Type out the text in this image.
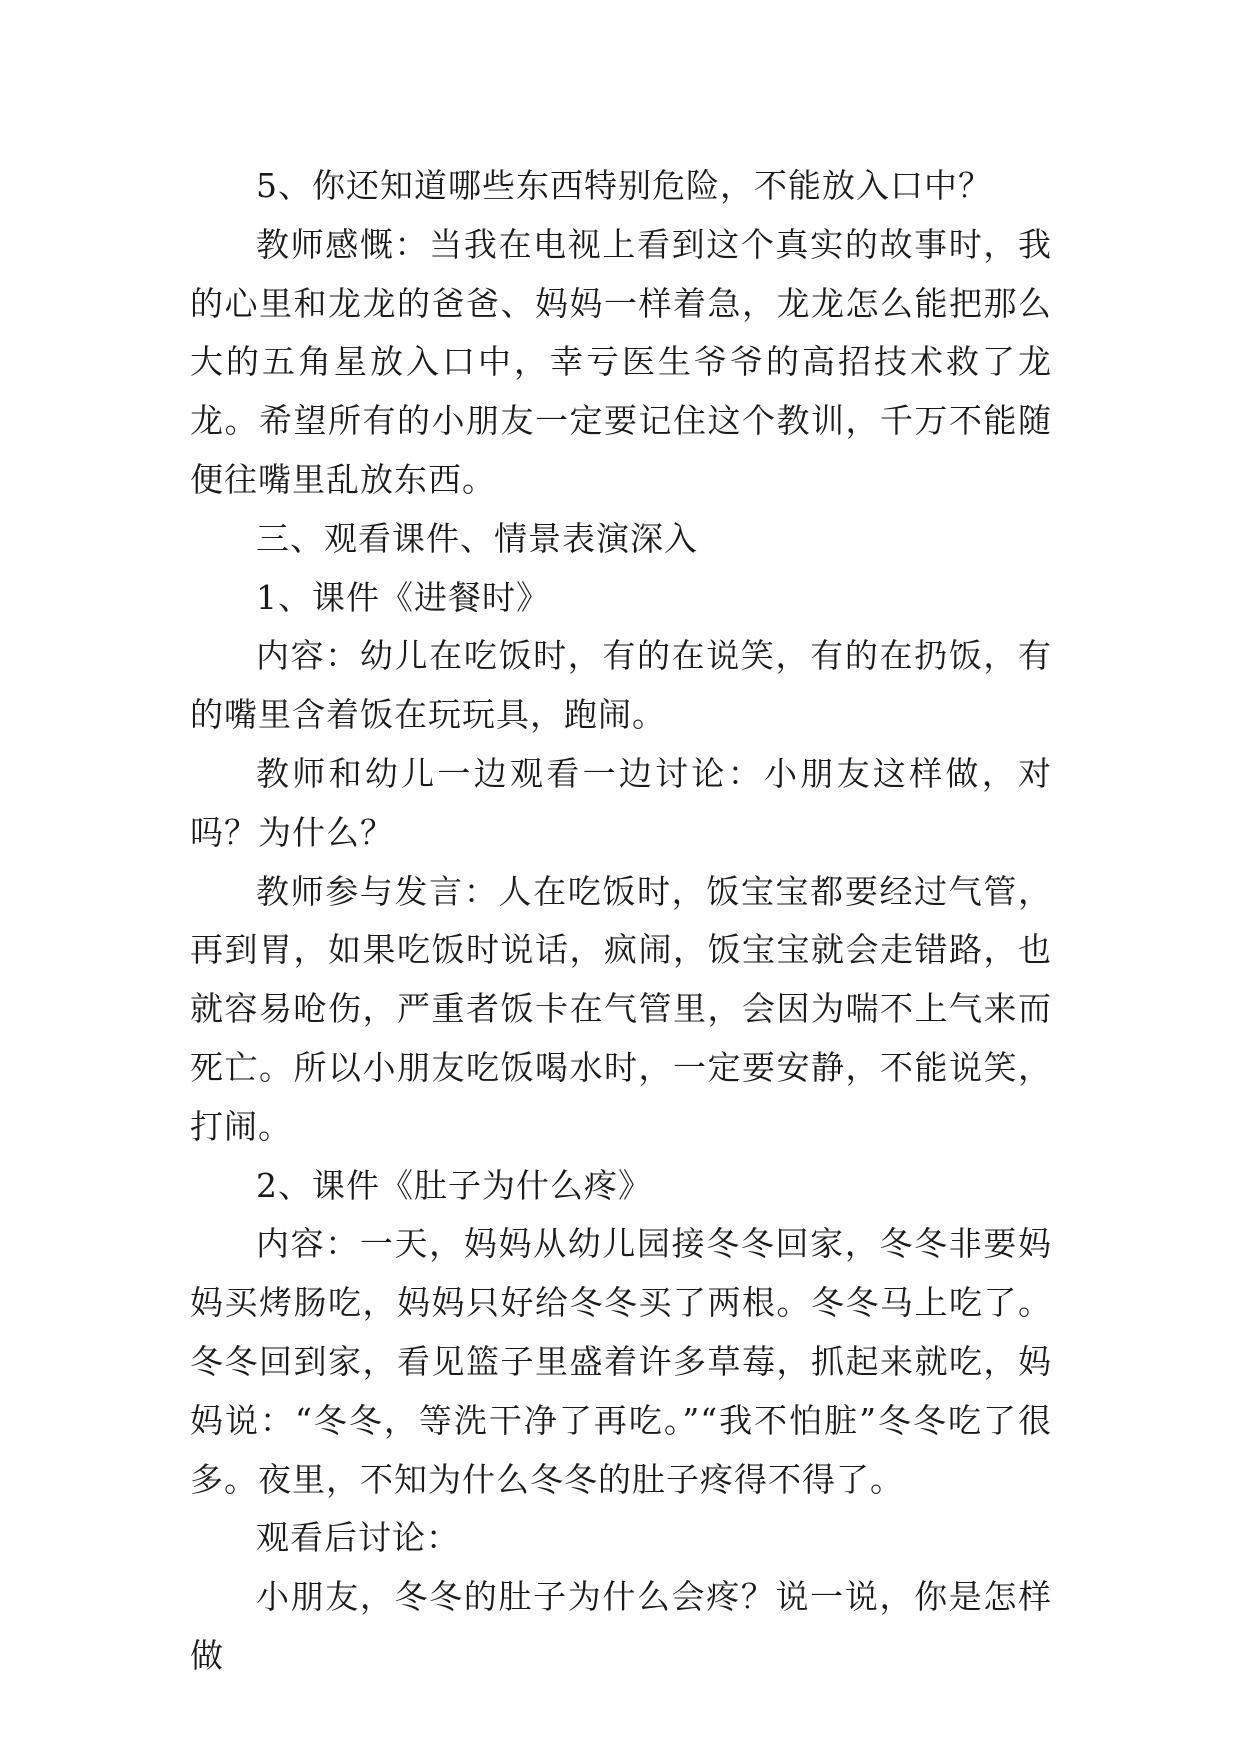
5、你还知道哪些东西特别危险，不能放入口中？

教师感慨：当我在电视上看到这个真实的故事时，我的心里和龙龙的爸爸、妈妈一样着急，龙龙怎么能把那么大的五角星放入口中，幸亏医生爷爷的高招技术救了龙龙。希望所有的小朋友一定要记住这个教训，千万不能随便往嘴里乱放东西。

三、观看课件、情景表演深入

1、课件《进餐时》

内容：幼儿在吃饭时，有的在说笑，有的在扔饭，有的嘴里含着饭在玩玩具，跑闹。

教师和幼儿一边观看一边讨论：小朋友这样做，对吗？为什么？

教师参与发言：人在吃饭时，饭宝宝都要经过气管，再到胃，如果吃饭时说话，疯闹，饭宝宝就会走错路，也就容易呛伤，严重者饭卡在气管里，会因为喘不上气来而死亡。所以小朋友吃饭喝水时，一定要安静，不能说笑，打闹。

2、课件《肚子为什么疼》

内容：一天，妈妈从幼儿园接冬冬回家，冬冬非要妈妈买烤肠吃，妈妈只好给冬冬买了两根。冬冬马上吃了。冬冬回到家，看见篮子里盛着许多草莓，抓起来就吃，妈妈说：“冬冬，等洗干净了再吃。”“我不怕脏”冬冬吃了很多。夜里，不知为什么冬冬的肚子疼得不得了。

观看后讨论：

小朋友，冬冬的肚子为什么会疼？说一说，你是怎样做
